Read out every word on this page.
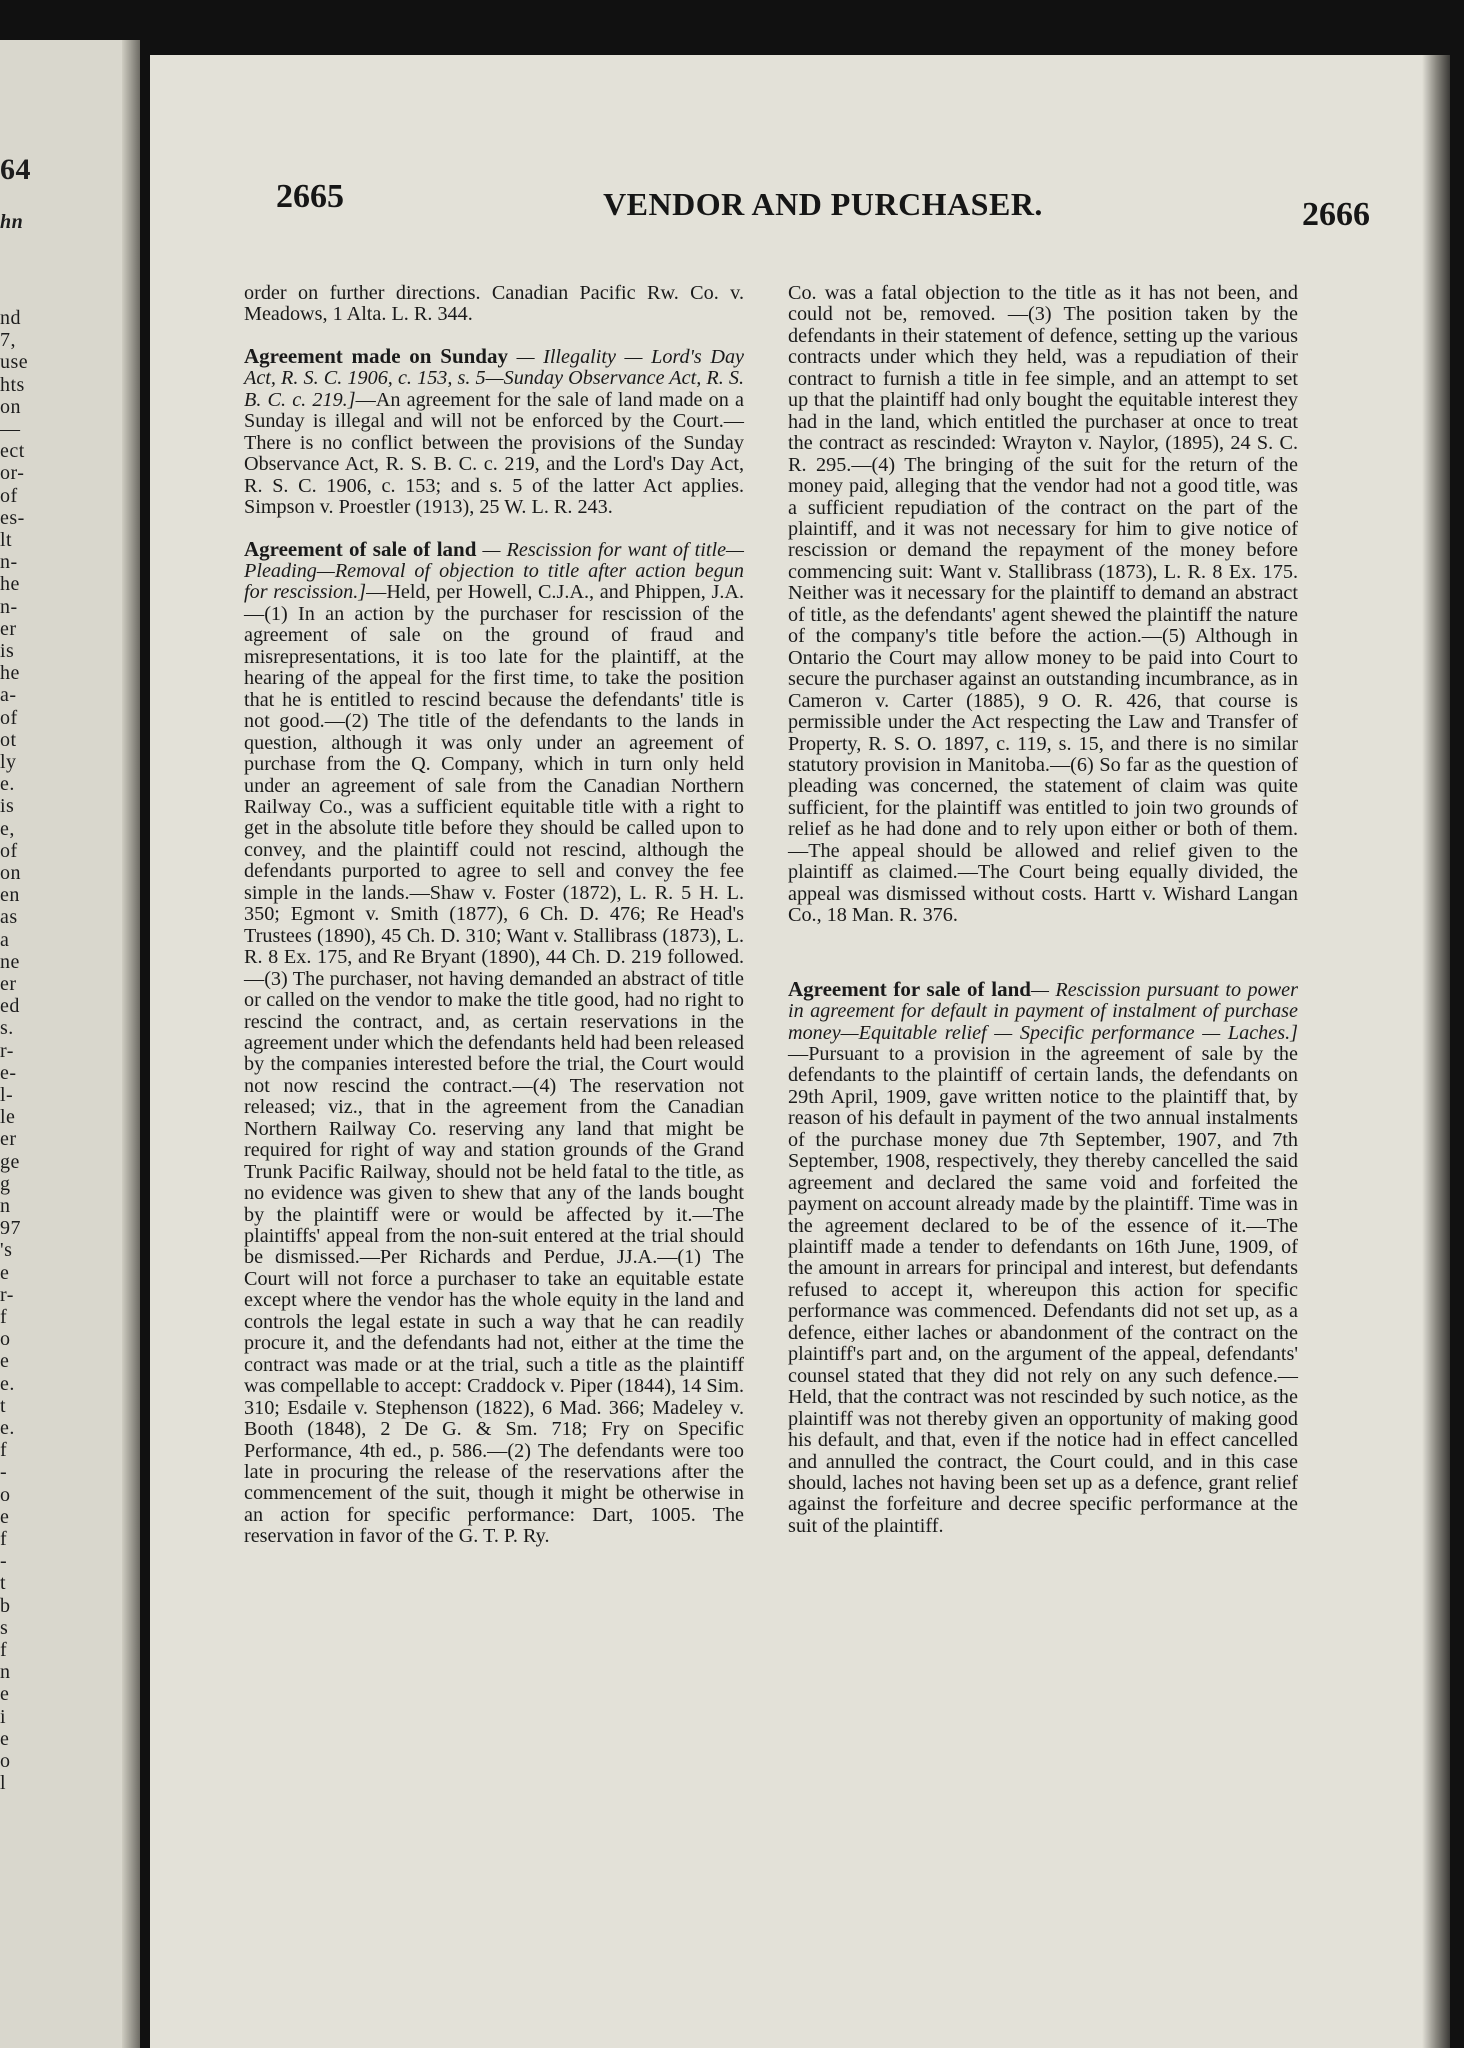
64
hn
nd
7,
use
hts
on
—
ect
or-
of
es-
lt
n-
he
n-
er
is
he
a-
of
ot
ly
e.
is
e,
of
on
en
as
a
ne
er
ed
s.
r-
e-
l-
le
er
ge
g
n
97
's
e
r-
f
o
e
e.
t
e.
f
-
o
e
f
-
t
b
s
f
n
e
i
e
o
l
2665	VENDOR AND PURCHASER.	2666

order on further directions. Canadian Pacific Rw. Co. v. Meadows, 1 Alta. L. R. 344.

Agreement made on Sunday — Illegality — Lord's Day Act, R. S. C. 1906, c. 153, s. 5—Sunday Observance Act, R. S. B. C. c. 219.]—An agreement for the sale of land made on a Sunday is illegal and will not be enforced by the Court.—There is no conflict between the provisions of the Sunday Observance Act, R. S. B. C. c. 219, and the Lord's Day Act, R. S. C. 1906, c. 153; and s. 5 of the latter Act applies. Simpson v. Proestler (1913), 25 W. L. R. 243.

Agreement of sale of land — Rescission for want of title—Pleading—Removal of objection to title after action begun for rescission.]—Held, per Howell, C.J.A., and Phippen, J.A.—(1) In an action by the purchaser for rescission of the agreement of sale on the ground of fraud and misrepresentations, it is too late for the plaintiff, at the hearing of the appeal for the first time, to take the position that he is entitled to rescind because the defendants' title is not good.—(2) The title of the defendants to the lands in question, although it was only under an agreement of purchase from the Q. Company, which in turn only held under an agreement of sale from the Canadian Northern Railway Co., was a sufficient equitable title with a right to get in the absolute title before they should be called upon to convey, and the plaintiff could not rescind, although the defendants purported to agree to sell and convey the fee simple in the lands.—Shaw v. Foster (1872), L. R. 5 H. L. 350; Egmont v. Smith (1877), 6 Ch. D. 476; Re Head's Trustees (1890), 45 Ch. D. 310; Want v. Stallibrass (1873), L. R. 8 Ex. 175, and Re Bryant (1890), 44 Ch. D. 219 followed.—(3) The purchaser, not having demanded an abstract of title or called on the vendor to make the title good, had no right to rescind the contract, and, as certain reservations in the agreement under which the defendants held had been released by the companies interested before the trial, the Court would not now rescind the contract.—(4) The reservation not released; viz., that in the agreement from the Canadian Northern Railway Co. reserving any land that might be required for right of way and station grounds of the Grand Trunk Pacific Railway, should not be held fatal to the title, as no evidence was given to shew that any of the lands bought by the plaintiff were or would be affected by it.—The plaintiffs' appeal from the non-suit entered at the trial should be dismissed.—Per Richards and Perdue, JJ.A.—(1) The Court will not force a purchaser to take an equitable estate except where the vendor has the whole equity in the land and controls the legal estate in such a way that he can readily procure it, and the defendants had not, either at the time the contract was made or at the trial, such a title as the plaintiff was compellable to accept: Craddock v. Piper (1844), 14 Sim. 310; Esdaile v. Stephenson (1822), 6 Mad. 366; Madeley v. Booth (1848), 2 De G. & Sm. 718; Fry on Specific Performance, 4th ed., p. 586.—(2) The defendants were too late in procuring the release of the reservations after the commencement of the suit, though it might be otherwise in an action for specific performance: Dart, 1005. The reservation in favor of the G. T. P. Ry.

Co. was a fatal objection to the title as it has not been, and could not be, removed. —(3) The position taken by the defendants in their statement of defence, setting up the various contracts under which they held, was a repudiation of their contract to furnish a title in fee simple, and an attempt to set up that the plaintiff had only bought the equitable interest they had in the land, which entitled the purchaser at once to treat the contract as rescinded: Wrayton v. Naylor, (1895), 24 S. C. R. 295.—(4) The bringing of the suit for the return of the money paid, alleging that the vendor had not a good title, was a sufficient repudiation of the contract on the part of the plaintiff, and it was not necessary for him to give notice of rescission or demand the repayment of the money before commencing suit: Want v. Stallibrass (1873), L. R. 8 Ex. 175. Neither was it necessary for the plaintiff to demand an abstract of title, as the defendants' agent shewed the plaintiff the nature of the company's title before the action.—(5) Although in Ontario the Court may allow money to be paid into Court to secure the purchaser against an outstanding incumbrance, as in Cameron v. Carter (1885), 9 O. R. 426, that course is permissible under the Act respecting the Law and Transfer of Property, R. S. O. 1897, c. 119, s. 15, and there is no similar statutory provision in Manitoba.—(6) So far as the question of pleading was concerned, the statement of claim was quite sufficient, for the plaintiff was entitled to join two grounds of relief as he had done and to rely upon either or both of them.—The appeal should be allowed and relief given to the plaintiff as claimed.—The Court being equally divided, the appeal was dismissed without costs. Hartt v. Wishard Langan Co., 18 Man. R. 376.

Agreement for sale of land— Rescission pursuant to power in agreement for default in payment of instalment of purchase money—Equitable relief — Specific performance — Laches.]—Pursuant to a provision in the agreement of sale by the defendants to the plaintiff of certain lands, the defendants on 29th April, 1909, gave written notice to the plaintiff that, by reason of his default in payment of the two annual instalments of the purchase money due 7th September, 1907, and 7th September, 1908, respectively, they thereby cancelled the said agreement and declared the same void and forfeited the payment on account already made by the plaintiff. Time was in the agreement declared to be of the essence of it.—The plaintiff made a tender to defendants on 16th June, 1909, of the amount in arrears for principal and interest, but defendants refused to accept it, whereupon this action for specific performance was commenced. Defendants did not set up, as a defence, either laches or abandonment of the contract on the plaintiff's part and, on the argument of the appeal, defendants' counsel stated that they did not rely on any such defence.—Held, that the contract was not rescinded by such notice, as the plaintiff was not thereby given an opportunity of making good his default, and that, even if the notice had in effect cancelled and annulled the contract, the Court could, and in this case should, laches not having been set up as a defence, grant relief against the forfeiture and decree specific performance at the suit of the plaintiff.
